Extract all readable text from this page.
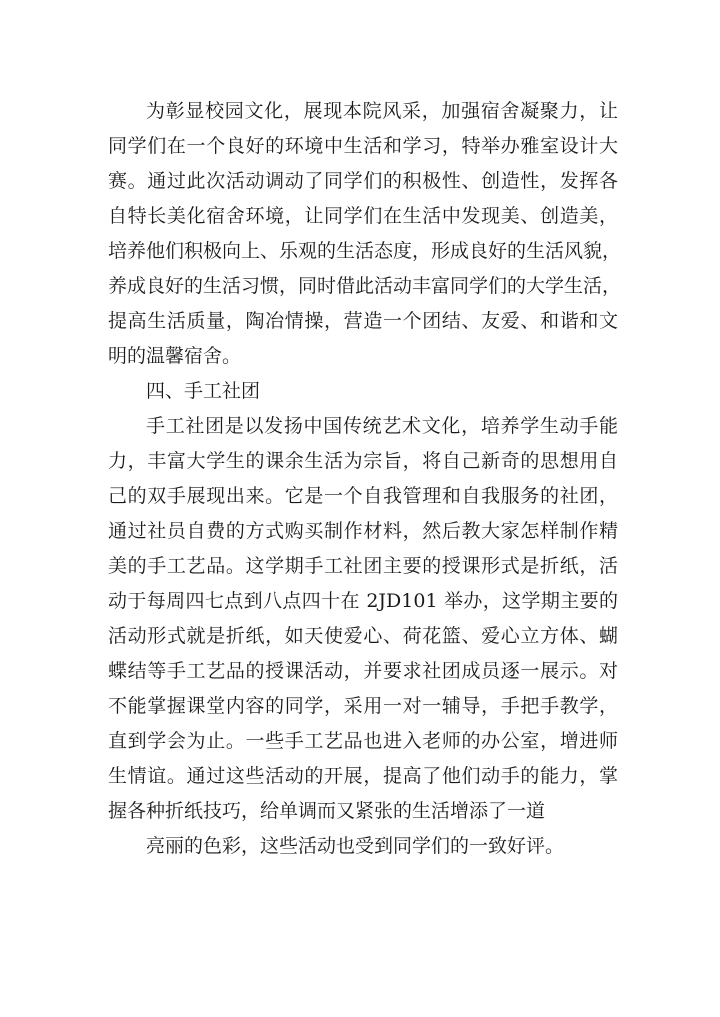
为彰显校园文化，展现本院风采，加强宿舍凝聚力，让
同学们在一个良好的环境中生活和学习，特举办雅室设计大
赛。通过此次活动调动了同学们的积极性、创造性，发挥各
自特长美化宿舍环境，让同学们在生活中发现美、创造美，
培养他们积极向上、乐观的生活态度，形成良好的生活风貌，
养成良好的生活习惯，同时借此活动丰富同学们的大学生活，
提高生活质量，陶冶情操，营造一个团结、友爱、和谐和文
明的温馨宿舍。
四、手工社团
手工社团是以发扬中国传统艺术文化，培养学生动手能
力，丰富大学生的课余生活为宗旨，将自己新奇的思想用自
己的双手展现出来。它是一个自我管理和自我服务的社团，
通过社员自费的方式购买制作材料，然后教大家怎样制作精
美的手工艺品。这学期手工社团主要的授课形式是折纸，活
动于每周四七点到八点四十在 2JD101 举办，这学期主要的
活动形式就是折纸，如天使爱心、荷花篮、爱心立方体、蝴
蝶结等手工艺品的授课活动，并要求社团成员逐一展示。对
不能掌握课堂内容的同学，采用一对一辅导，手把手教学，
直到学会为止。一些手工艺品也进入老师的办公室，增进师
生情谊。通过这些活动的开展，提高了他们动手的能力，掌
握各种折纸技巧，给单调而又紧张的生活增添了一道
亮丽的色彩，这些活动也受到同学们的一致好评。
